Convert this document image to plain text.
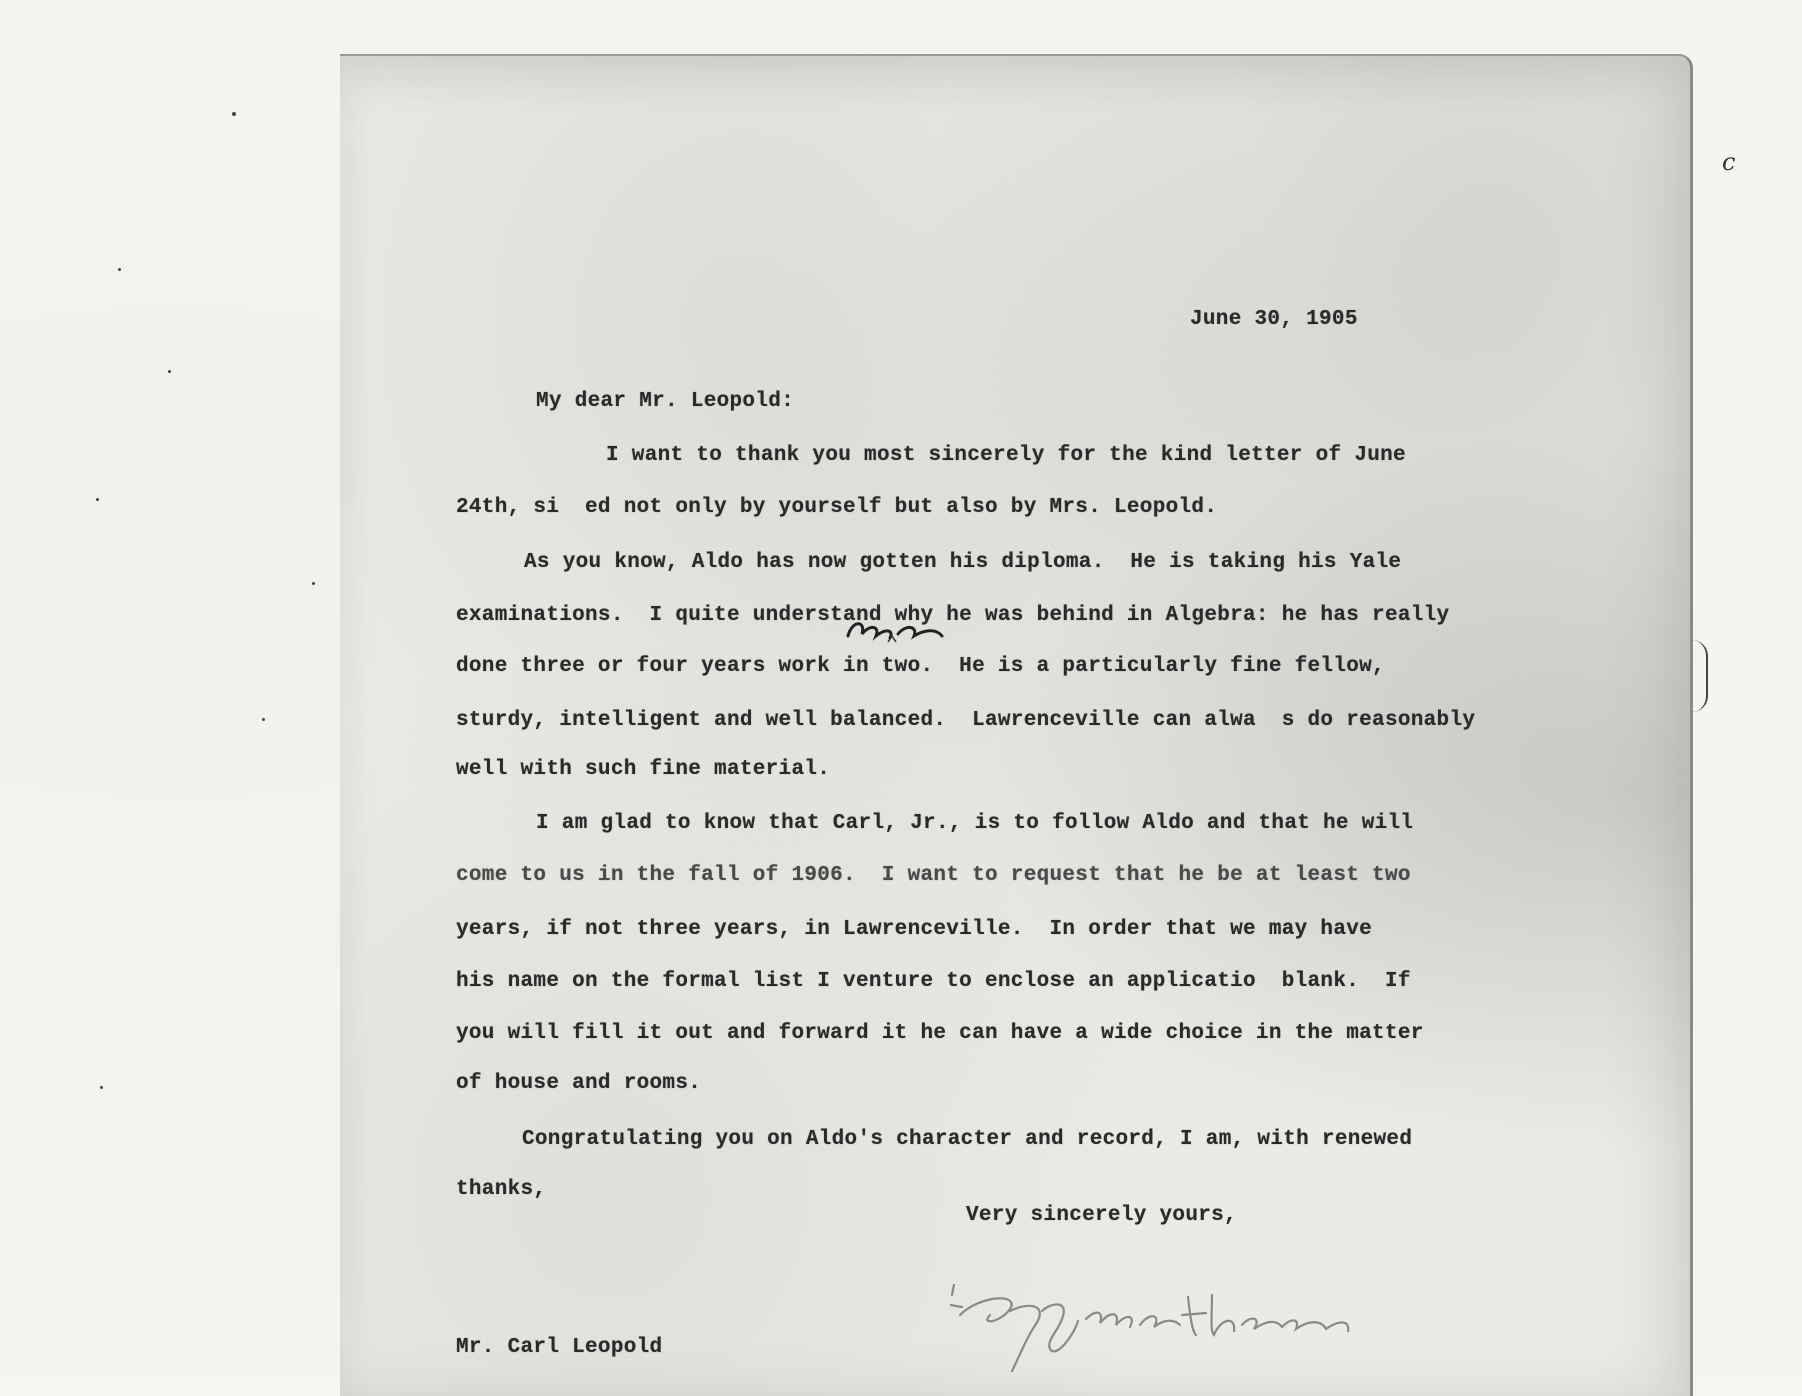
c
June 30, 1905
My dear Mr. Leopold:
I want to thank you most sincerely for the kind letter of June
24th, si  ed not only by yourself but also by Mrs. Leopold.
As you know, Aldo has now gotten his diploma.  He is taking his Yale
examinations.  I quite understand why he was behind in Algebra: he has really
done three or four years work in two.  He is a particularly fine fellow,
sturdy, intelligent and well balanced.  Lawrenceville can alwa  s do reasonably
well with such fine material.
I am glad to know that Carl, Jr., is to follow Aldo and that he will
come to us in the fall of 1906.  I want to request that he be at least two
years, if not three years, in Lawrenceville.  In order that we may have
his name on the formal list I venture to enclose an applicatio  blank.  If
you will fill it out and forward it he can have a wide choice in the matter
of house and rooms.
Congratulating you on Aldo's character and record, I am, with renewed
thanks,
Very sincerely yours,
Mr. Carl Leopold
